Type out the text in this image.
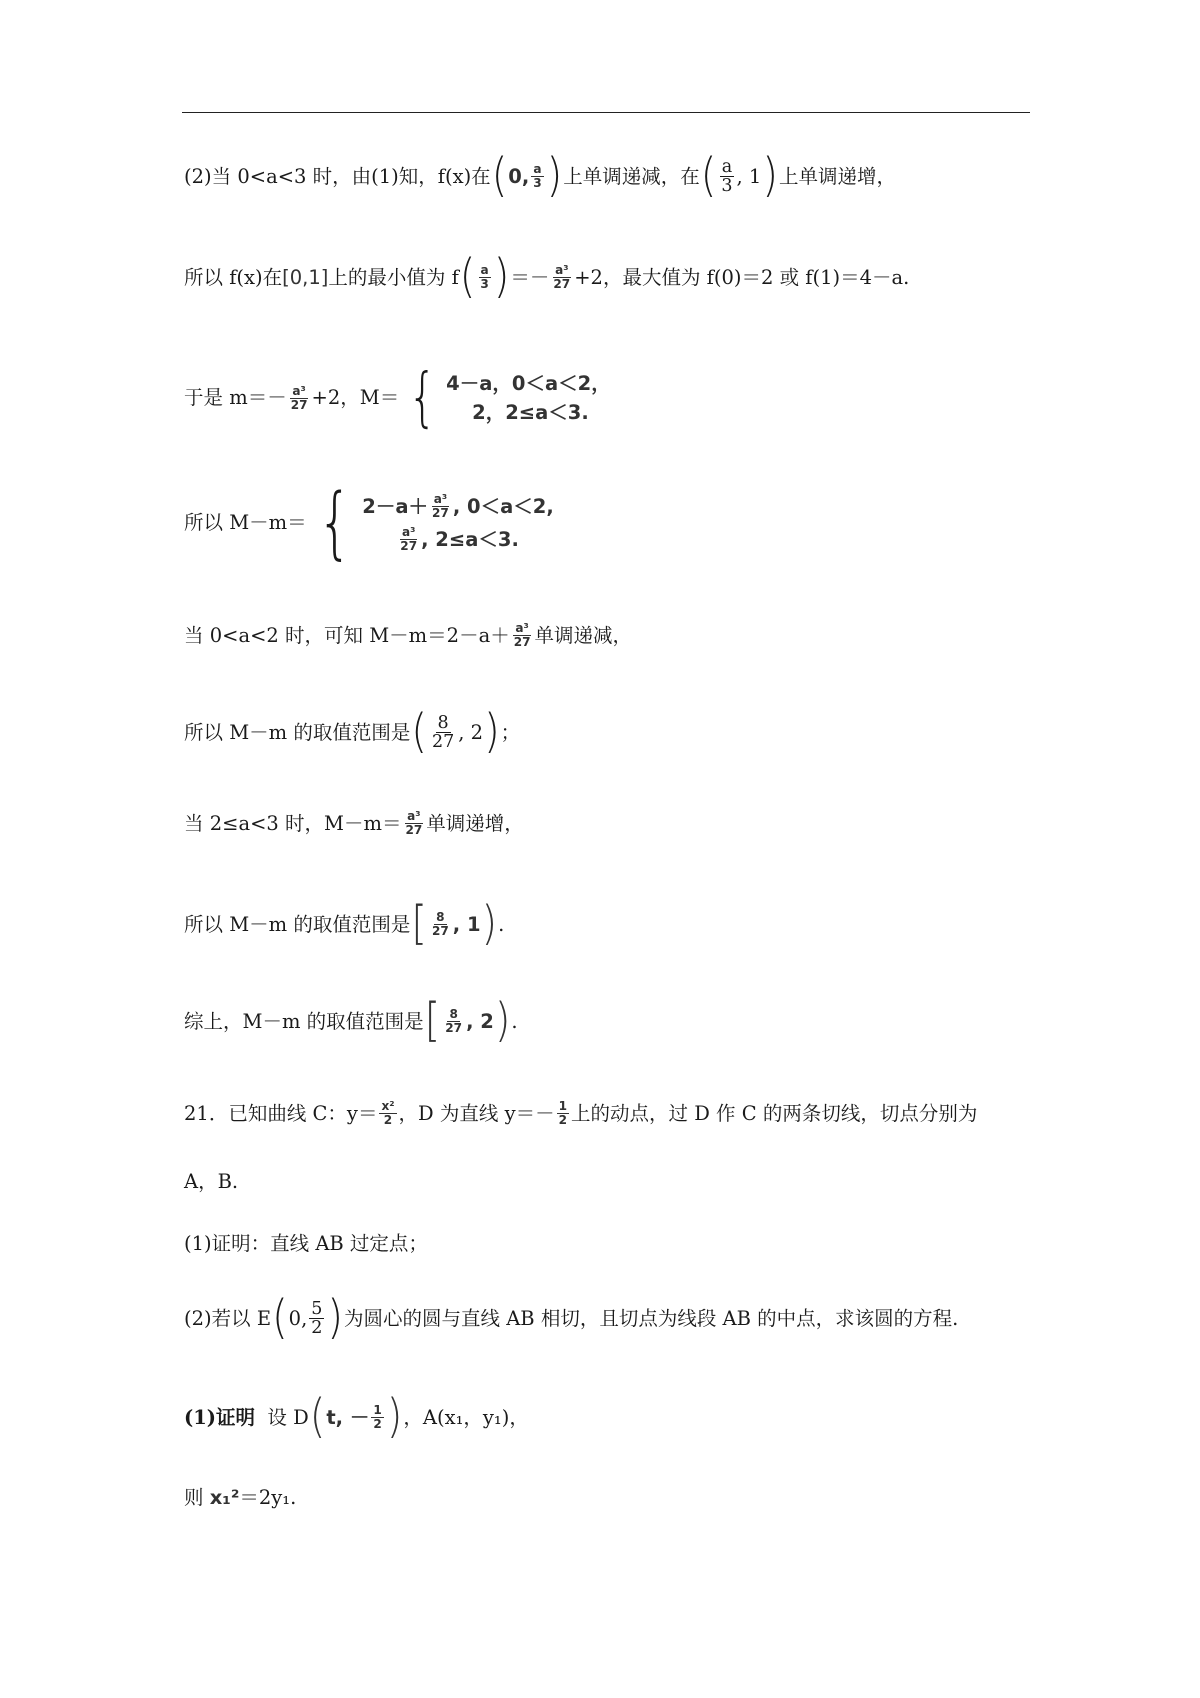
(2)当 0<a<3 时，由(1)知，f(x)在 ( 0, $\frac{a}{3}$ ) 上单调递减，在 ( $\frac{a}{3}$ , 1 ) 上单调递增，
所以 f(x)在 [0,1] 上的最小值为 f ( $\frac{a}{3}$ ) ＝－ $\frac{\text{a³}}{27} +2$，最大值为 f(0)＝2 或 f(1)＝4－a.
于是 $m=- \frac{\text{a³}}{27} +2$，M＝ { 4－a，0＜a＜2，
2，2≤a＜3.
所以 M－m＝ { $2-a+ \frac{\text{a³}}{27}$ , 0＜a＜2,
$\frac{\text{a³}}{27}$ , 2≤a＜3.
当 0<a<2 时，可知 $M-m=2-a+ \frac{\text{a³}}{27}$ 单调递减，
所以 M－m 的取值范围是 ( $\frac{8}{27}$ , 2 ) ；
当 2≤a<3 时，$M-m= \frac{\text{a³}}{27}$ 单调递增，
所以 M－m 的取值范围是 [ $\frac{8}{27}$ , 1 ) .
综上，M－m 的取值范围是 [ $\frac{8}{27}$ , 2 ) .
21．已知曲线 C：$y= \frac{\text{x²}}{2}$ ，D 为直线 $y=- \frac{1}{2}$ 上的动点，过 D 作 C 的两条切线，切点分别为
A，B.
(1)证明：直线 AB 过定点；
(2)若以 E ( 0, $\frac{5}{2}$ ) 为圆心的圆与直线 AB 相切，且切点为线段 AB 的中点，求该圆的方程.
(1)证明 设 D ( t, － $\frac{1}{2}$ ) ，A(x₁，y₁)，
则 x₁² ＝2y₁.
